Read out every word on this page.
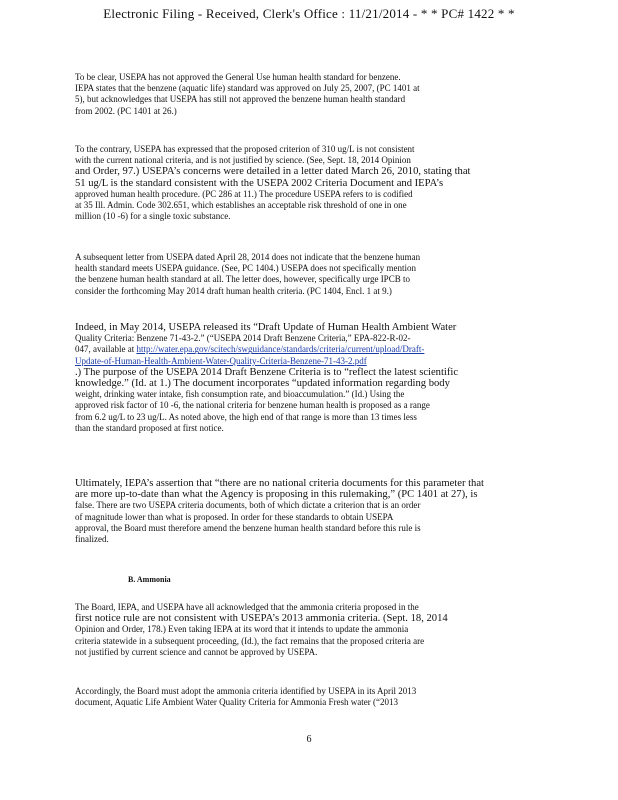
Electronic Filing - Received, Clerk's Office : 11/21/2014 - * * PC# 1422 * *
To be clear, USEPA has not approved the General Use human health standard for benzene.
IEPA states that the benzene (aquatic life) standard was approved on July 25, 2007, (PC 1401 at
5), but acknowledges that USEPA has still not approved the benzene human health standard
from 2002. (PC 1401 at 26.)
To the contrary, USEPA has expressed that the proposed criterion of 310 ug/L is not consistent
with the current national criteria, and is not justified by science. (See, Sept. 18, 2014 Opinion
and Order, 97.) USEPA’s concerns were detailed in a letter dated March 26, 2010, stating that
51 ug/L is the standard consistent with the USEPA 2002 Criteria Document and IEPA’s
approved human health procedure. (PC 286 at 11.) The procedure USEPA refers to is codified
at 35 Ill. Admin. Code 302.651, which establishes an acceptable risk threshold of one in one
million (10 -6) for a single toxic substance.
A subsequent letter from USEPA dated April 28, 2014 does not indicate that the benzene human
health standard meets USEPA guidance. (See, PC 1404.) USEPA does not specifically mention
the benzene human health standard at all. The letter does, however, specifically urge IPCB to
consider the forthcoming May 2014 draft human health criteria. (PC 1404, Encl. 1 at 9.)
Indeed, in May 2014, USEPA released its “Draft Update of Human Health Ambient Water
Quality Criteria: Benzene 71-43-2.” (“USEPA 2014 Draft Benzene Criteria,” EPA-822-R-02-
047, available at http://water.epa.gov/scitech/swguidance/standards/criteria/current/upload/Draft-
Update-of-Human-Health-Ambient-Water-Quality-Criteria-Benzene-71-43-2.pdf
.) The purpose of the USEPA 2014 Draft Benzene Criteria is to “reflect the latest scientific
knowledge.” (Id. at 1.) The document incorporates “updated information regarding body
weight, drinking water intake, fish consumption rate, and bioaccumulation.” (Id.) Using the
approved risk factor of 10 -6, the national criteria for benzene human health is proposed as a range
from 6.2 ug/L to 23 ug/L. As noted above, the high end of that range is more than 13 times less
than the standard proposed at first notice.
Ultimately, IEPA’s assertion that “there are no national criteria documents for this parameter that
are more up-to-date than what the Agency is proposing in this rulemaking,” (PC 1401 at 27), is
false. There are two USEPA criteria documents, both of which dictate a criterion that is an order
of magnitude lower than what is proposed. In order for these standards to obtain USEPA
approval, the Board must therefore amend the benzene human health standard before this rule is
finalized.
B. Ammonia
The Board, IEPA, and USEPA have all acknowledged that the ammonia criteria proposed in the
first notice rule are not consistent with USEPA’s 2013 ammonia criteria. (Sept. 18, 2014
Opinion and Order, 178.) Even taking IEPA at its word that it intends to update the ammonia
criteria statewide in a subsequent proceeding, (Id.), the fact remains that the proposed criteria are
not justified by current science and cannot be approved by USEPA.
Accordingly, the Board must adopt the ammonia criteria identified by USEPA in its April 2013
document, Aquatic Life Ambient Water Quality Criteria for Ammonia Fresh water (“2013
6
